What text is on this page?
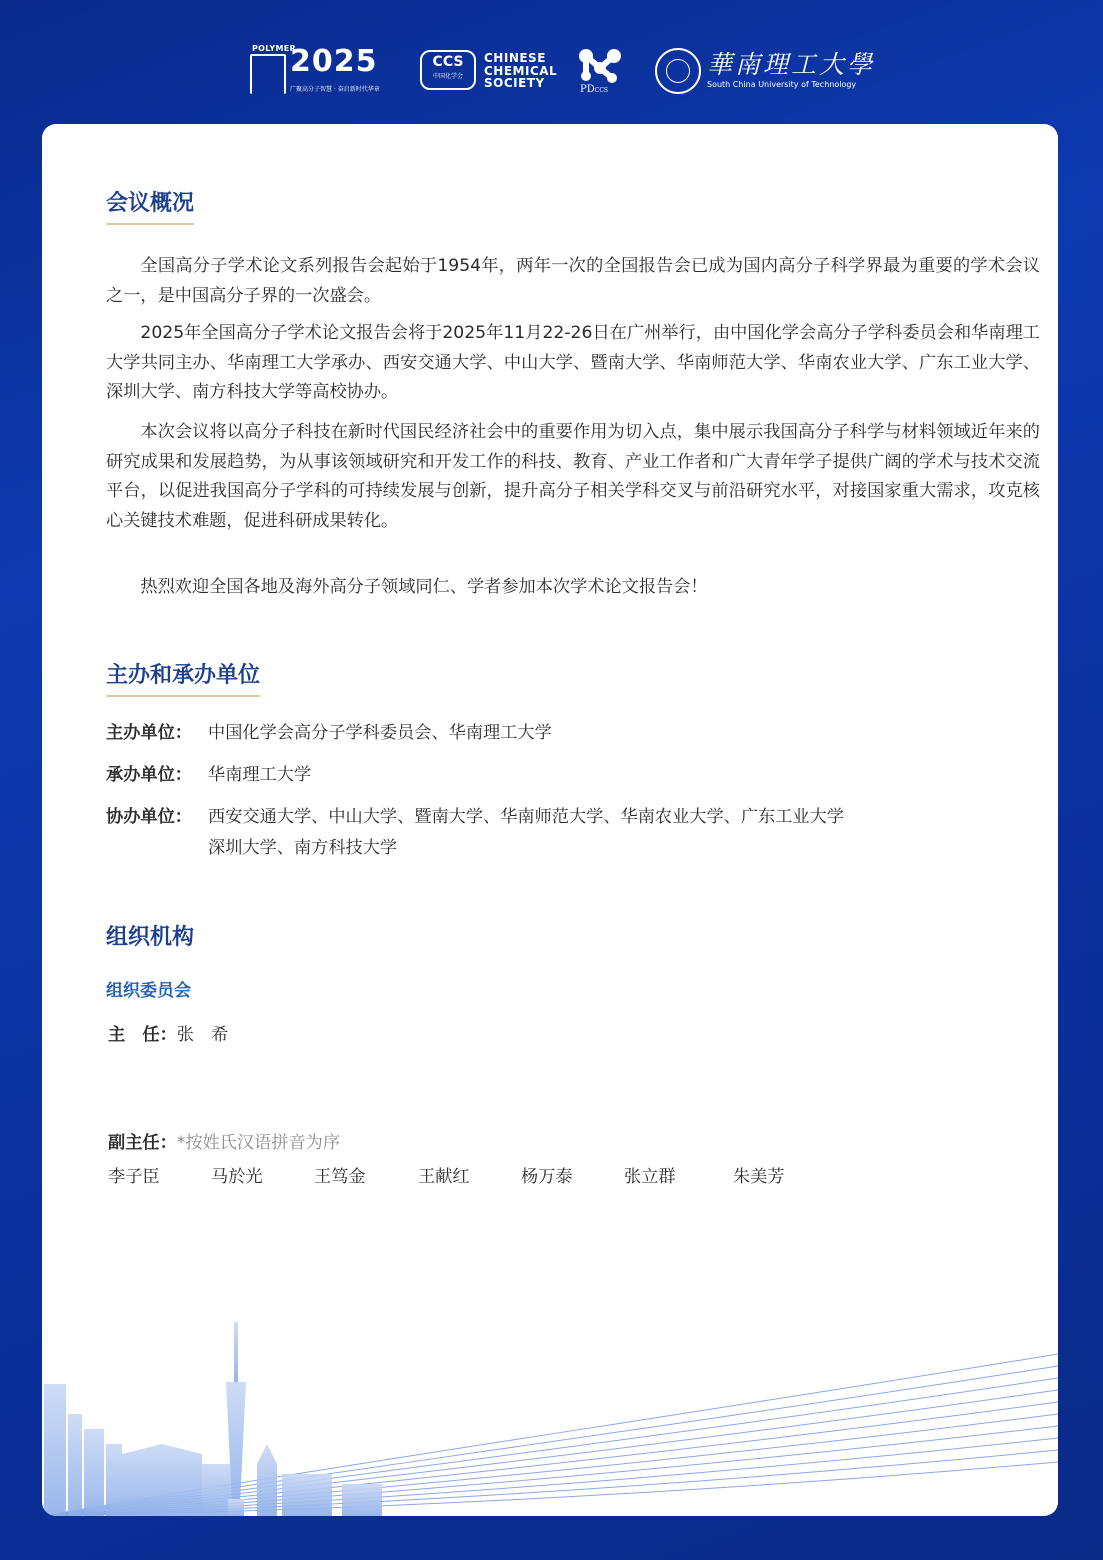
POLYMER
2025
广聚高分子智慧 · 奋启新时代华章
CCS
中国化学会
CHINESE
CHEMICAL
SOCIETY	PDCCS
華南理工大學
South China University of Technology
会议概况

全国高分子学术论文系列报告会起始于1954年，两年一次的全国报告会已成为国内高分子科学界最为重要的学术会议之一，是中国高分子界的一次盛会。

2025年全国高分子学术论文报告会将于2025年11月22-26日在广州举行，由中国化学会高分子学科委员会和华南理工大学共同主办、华南理工大学承办、西安交通大学、中山大学、暨南大学、华南师范大学、华南农业大学、广东工业大学、深圳大学、南方科技大学等高校协办。

本次会议将以高分子科技在新时代国民经济社会中的重要作用为切入点，集中展示我国高分子科学与材料领域近年来的研究成果和发展趋势，为从事该领域研究和开发工作的科技、教育、产业工作者和广大青年学子提供广阔的学术与技术交流平台，以促进我国高分子学科的可持续发展与创新，提升高分子相关学科交叉与前沿研究水平，对接国家重大需求，攻克核心关键技术难题，促进科研成果转化。

热烈欢迎全国各地及海外高分子领域同仁、学者参加本次学术论文报告会！

主办和承办单位
主办单位： 中国化学会高分子学科委员会、华南理工大学
承办单位： 华南理工大学
协办单位： 西安交通大学、中山大学、暨南大学、华南师范大学、华南农业大学、广东工业大学
深圳大学、南方科技大学
组织机构
组织委员会
主　任：张　希
副主任：*按姓氏汉语拼音为序
李子臣	马於光	王笃金	王献红	杨万泰	张立群	朱美芳
